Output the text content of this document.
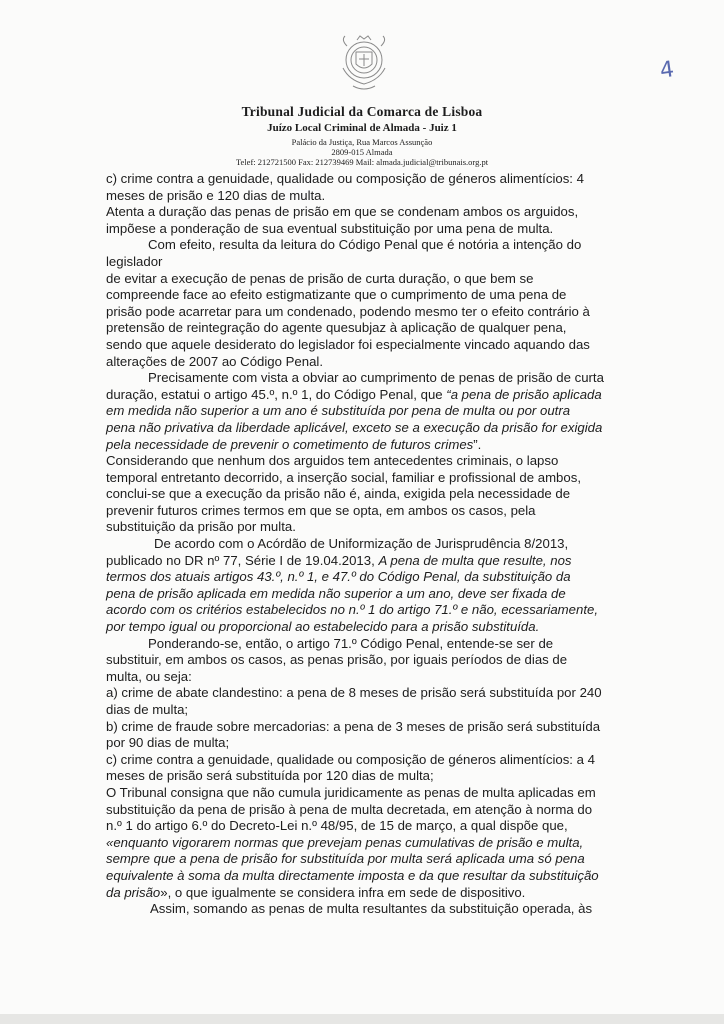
4
Tribunal Judicial da Comarca de Lisboa
Juízo Local Criminal de Almada - Juiz 1
Palácio da Justiça, Rua Marcos Assunção
2809-015 Almada
Telef: 212721500 Fax: 212739469 Mail: almada.judicial@tribunais.org.pt
c) crime contra a genuidade, qualidade ou composição de géneros alimentícios: 4
meses de prisão e 120 dias de multa.
Atenta a duração das penas de prisão em que se condenam ambos os arguidos,
impõese a ponderação de sua eventual substituição por uma pena de multa.
Com efeito, resulta da leitura do Código Penal que é notória a intenção do
legislador
de evitar a execução de penas de prisão de curta duração, o que bem se
compreende face ao efeito estigmatizante que o cumprimento de uma pena de
prisão pode acarretar para um condenado, podendo mesmo ter o efeito contrário à
pretensão de reintegração do agente quesubjaz à aplicação de qualquer pena,
sendo que aquele desiderato do legislador foi especialmente vincado aquando das
alterações de 2007 ao Código Penal.
Precisamente com vista a obviar ao cumprimento de penas de prisão de curta
duração, estatui o artigo 45.º, n.º 1, do Código Penal, que “a pena de prisão aplicada
em medida não superior a um ano é substituída por pena de multa ou por outra
pena não privativa da liberdade aplicável, exceto se a execução da prisão for exigida
pela necessidade de prevenir o cometimento de futuros crimes”.
Considerando que nenhum dos arguidos tem antecedentes criminais, o lapso
temporal entretanto decorrido, a inserção social, familiar e profissional de ambos,
conclui-se que a execução da prisão não é, ainda, exigida pela necessidade de
prevenir futuros crimes termos em que se opta, em ambos os casos, pela
substituição da prisão por multa.
De acordo com o Acórdão de Uniformização de Jurisprudência 8/2013,
publicado no DR nº 77, Série I de 19.04.2013, A pena de multa que resulte, nos
termos dos atuais artigos 43.º, n.º 1, e 47.º do Código Penal, da substituição da
pena de prisão aplicada em medida não superior a um ano, deve ser fixada de
acordo com os critérios estabelecidos no n.º 1 do artigo 71.º e não, ecessariamente,
por tempo igual ou proporcional ao estabelecido para a prisão substituída.
Ponderando-se, então, o artigo 71.º Código Penal, entende-se ser de
substituir, em ambos os casos, as penas prisão, por iguais períodos de dias de
multa, ou seja:
a) crime de abate clandestino: a pena de 8 meses de prisão será substituída por 240
dias de multa;
b) crime de fraude sobre mercadorias: a pena de 3 meses de prisão será substituída
por 90 dias de multa;
c) crime contra a genuidade, qualidade ou composição de géneros alimentícios: a 4
meses de prisão será substituída por 120 dias de multa;
O Tribunal consigna que não cumula juridicamente as penas de multa aplicadas em
substituição da pena de prisão à pena de multa decretada, em atenção à norma do
n.º 1 do artigo 6.º do Decreto-Lei n.º 48/95, de 15 de março, a qual dispõe que,
«enquanto vigorarem normas que prevejam penas cumulativas de prisão e multa,
sempre que a pena de prisão for substituída por multa será aplicada uma só pena
equivalente à soma da multa directamente imposta e da que resultar da substituição
da prisão», o que igualmente se considera infra em sede de dispositivo.
Assim, somando as penas de multa resultantes da substituição operada, às
